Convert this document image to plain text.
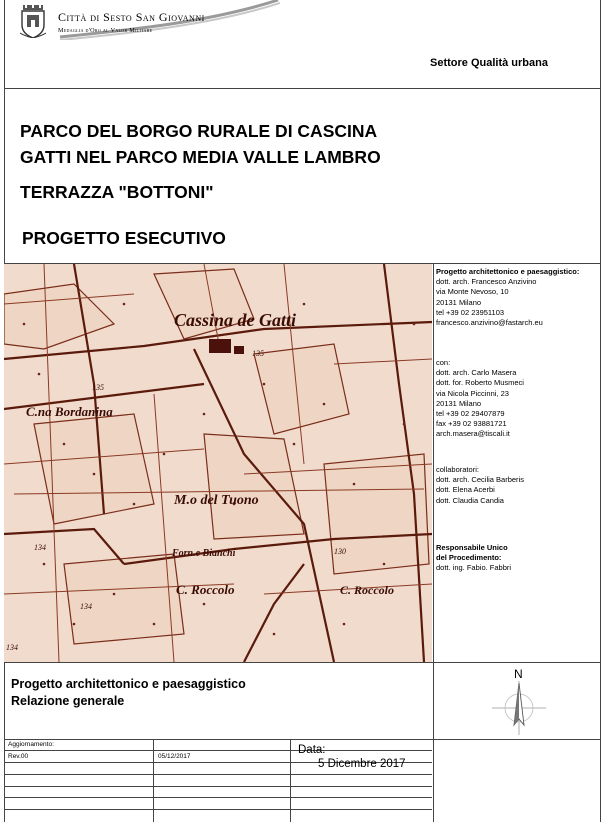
Città di Sesto San Giovanni
Medaglia d'Oro al Valor Militare
Settore Qualità urbana
PARCO DEL BORGO RURALE DI CASCINA
GATTI NEL PARCO MEDIA VALLE LAMBRO
TERRAZZA "BOTTONI"
PROGETTO ESECUTIVO
Cassina de Gatti
C.na Bordanina
M.o del Tuono
Forn.e Bianchi
C. Roccolo	C. Roccolo
135
135
134
134
134
130
Progetto architettonico e paesaggistico:
dott. arch. Francesco Anzivino
via Monte Nevoso, 10
20131 Milano
tel +39 02 23951103
francesco.anzivino@fastarch.eu
con:
dott. arch. Carlo Masera
dott. for. Roberto Musmeci
via Nicola Piccinni, 23
20131 Milano
tel +39 02 29407879
fax +39 02 93881721
arch.masera@tiscali.it
collaboratori:
dott. arch. Cecilia Barberis
dott. Elena Acerbi
dott. Claudia Candia
Responsabile Unico
del Procedimento:
dott. ing. Fabio. Fabbri
Progetto architettonico e paesaggistico
Relazione generale
N
Aggiornamento:
Rev.00	05/12/2017
Data:
5 Dicembre 2017
